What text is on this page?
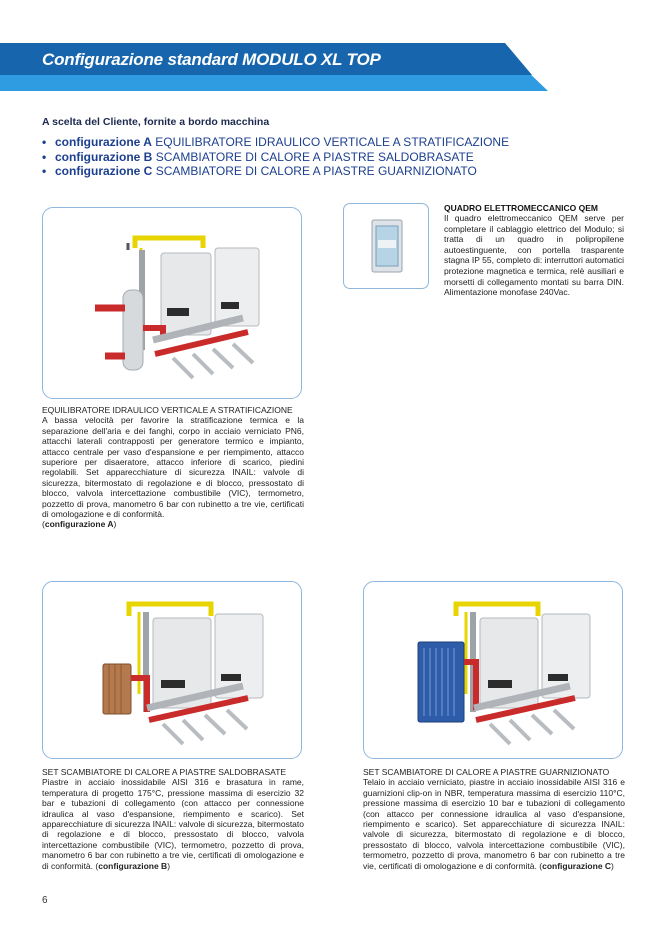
Configurazione standard MODULO XL TOP
A scelta del Cliente, fornite a bordo macchina
• configurazione A EQUILIBRATORE IDRAULICO VERTICALE A STRATIFICAZIONE
• configurazione B SCAMBIATORE DI CALORE A PIASTRE SALDOBRASATE
• configurazione C SCAMBIATORE DI CALORE A PIASTRE GUARNIZIONATO
QUADRO ELETTROMECCANICO QEM
Il quadro elettromeccanico QEM serve per completare il cablaggio elettrico del Modulo; si tratta di un quadro in polipropilene autoestinguente, con portella trasparente stagna IP 55, completo di: interruttori automatici protezione magnetica e termica, relè ausiliari e morsetti di collegamento montati su barra DIN. Alimentazione monofase 240Vac.
EQUILIBRATORE IDRAULICO VERTICALE A STRATIFICAZIONE
A bassa velocità per favorire la stratificazione termica e la separazione dell'aria e dei fanghi, corpo in acciaio verniciato PN6, attacchi laterali contrapposti per generatore termico e impianto, attacco centrale per vaso d'espansione e per riempimento, attacco superiore per disaeratore, attacco inferiore di scarico, piedini regolabili. Set apparecchiature di sicurezza INAIL: valvole di sicurezza, bitermostato di regolazione e di blocco, pressostato di blocco, valvola intercettazione combustibile (VIC), termometro, pozzetto di prova, manometro 6 bar con rubinetto a tre vie, certificati di omologazione e di conformità.
(configurazione A)
SET SCAMBIATORE DI CALORE A PIASTRE SALDOBRASATE
Piastre in acciaio inossidabile AISI 316 e brasatura in rame, temperatura di progetto 175°C, pressione massima di esercizio 32 bar e tubazioni di collegamento (con attacco per connessione idraulica al vaso d'espansione, riempimento e scarico). Set apparecchiature di sicurezza INAIL: valvole di sicurezza, bitermostato di regolazione e di blocco, pressostato di blocco, valvola intercettazione combustibile (VIC), termometro, pozzetto di prova, manometro 6 bar con rubinetto a tre vie, certificati di omologazione e di conformità. (configurazione B)
SET SCAMBIATORE DI CALORE A PIASTRE GUARNIZIONATO
Telaio in acciaio verniciato, piastre in acciaio inossidabile AISI 316 e guarnizioni clip-on in NBR, temperatura massima di esercizio 110°C, pressione massima di esercizio 10 bar e tubazioni di collegamento (con attacco per connessione idraulica al vaso d'espansione, riempimento e scarico). Set apparecchiature di sicurezza INAIL: valvole di sicurezza, bitermostato di regolazione e di blocco, pressostato di blocco, valvola intercettazione combustibile (VIC), termometro, pozzetto di prova, manometro 6 bar con rubinetto a tre vie, certificati di omologazione e di conformità. (configurazione C)
6
